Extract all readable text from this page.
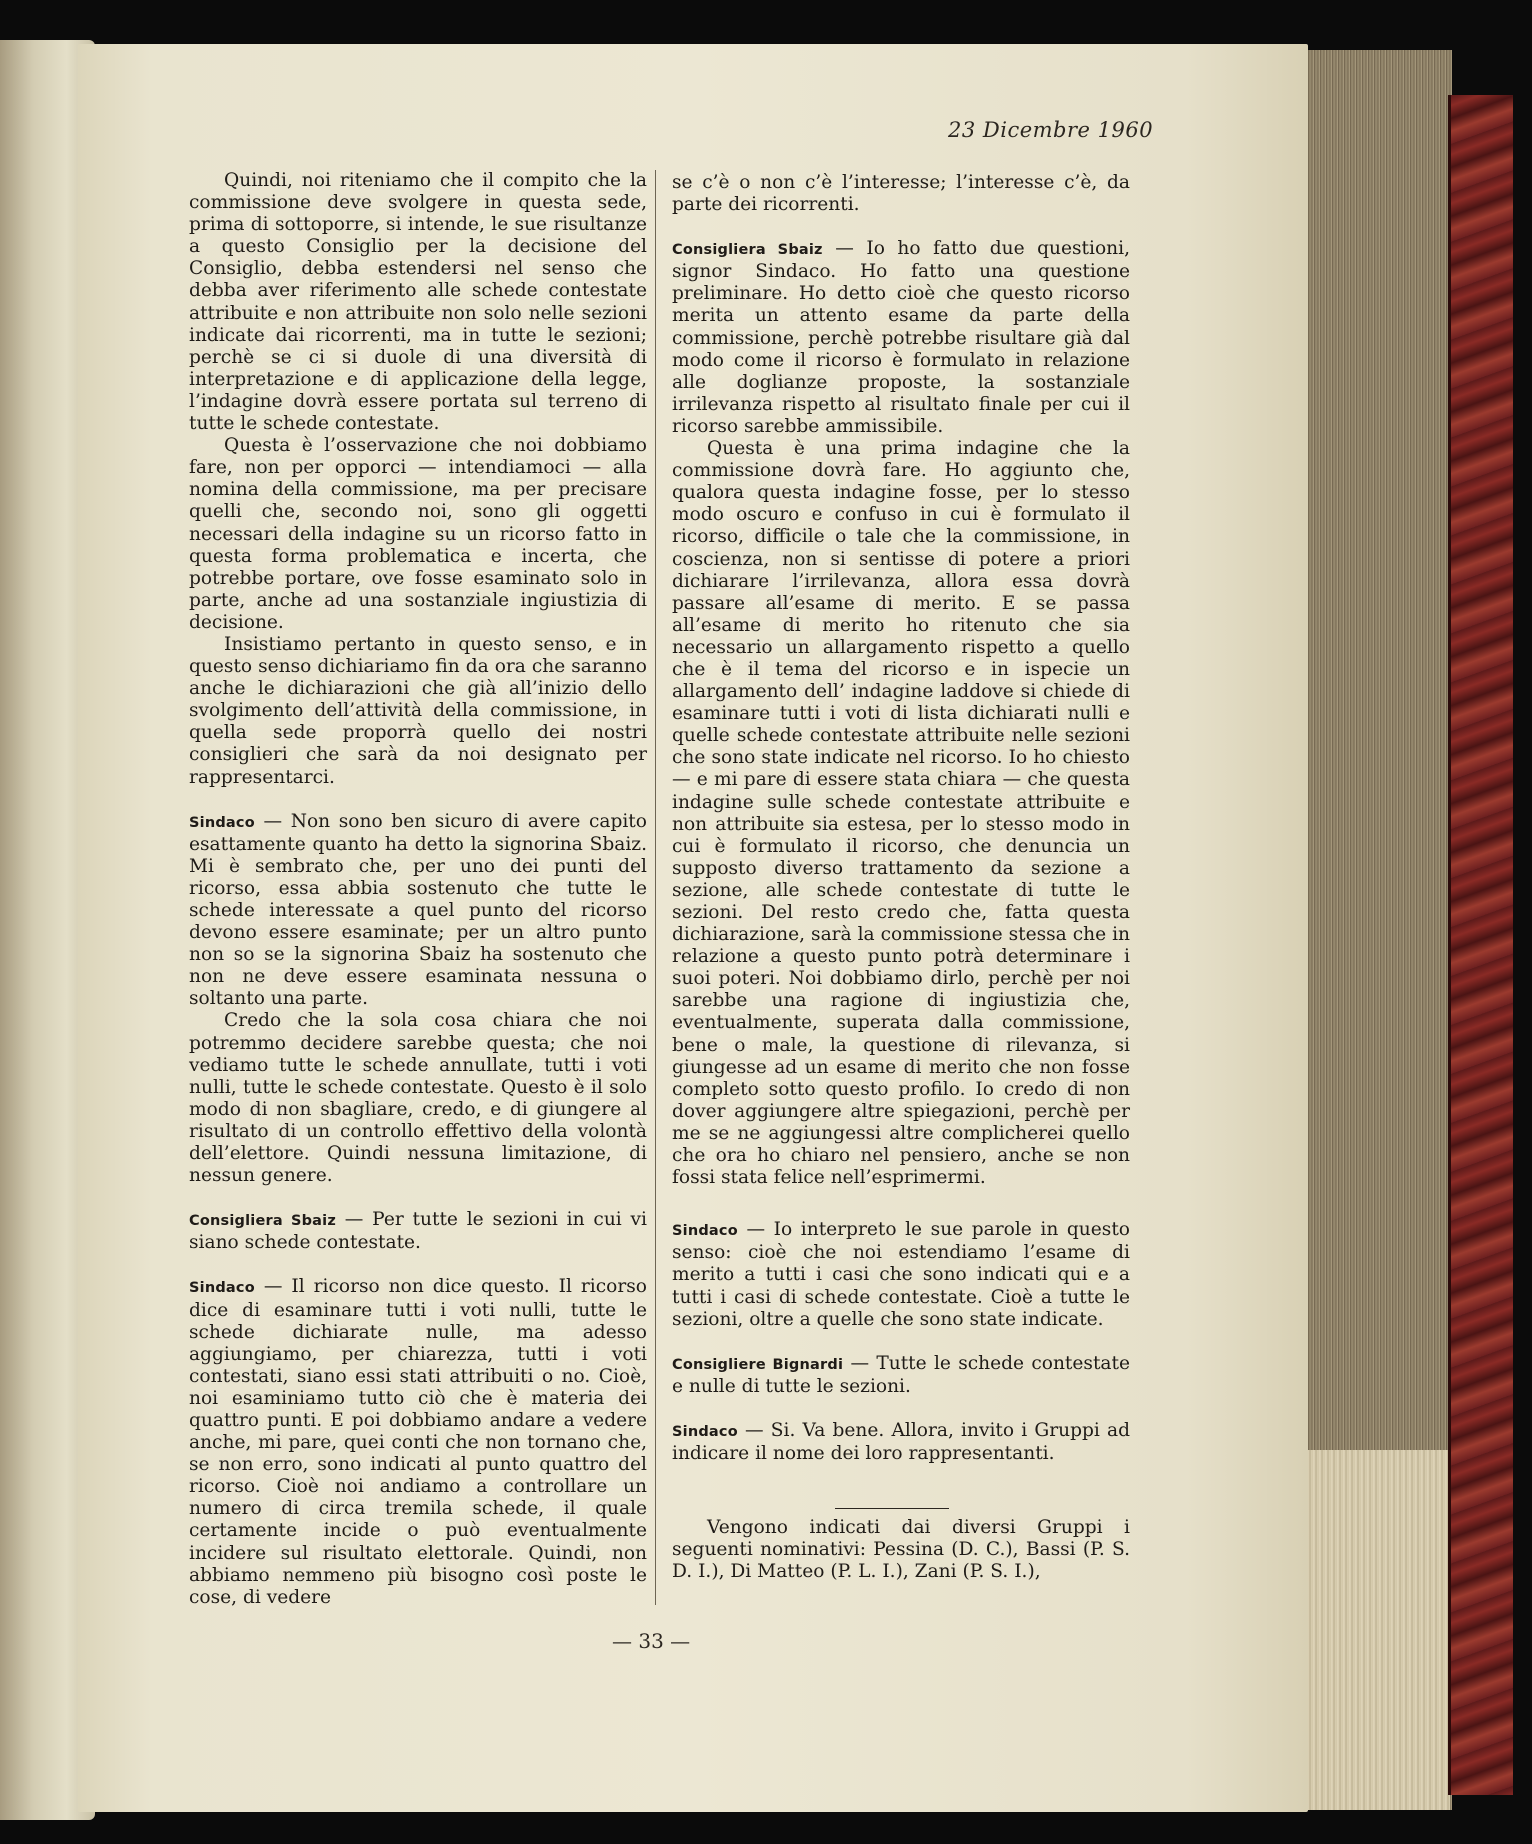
23 Dicembre 1960

Quindi, noi riteniamo che il compito che la commissione deve svolgere in questa sede, prima di sottoporre, si intende, le sue risultanze a questo Consiglio per la decisione del Consiglio, debba estendersi nel senso che debba aver riferimento alle schede contestate attribuite e non attribuite non solo nelle sezioni indicate dai ricorrenti, ma in tutte le sezioni; perchè se ci si duole di una diversità di interpretazione e di applicazione della legge, l’indagine dovrà essere portata sul terreno di tutte le schede contestate.

Questa è l’osservazione che noi dobbiamo fare, non per opporci — intendiamoci — alla nomina della commissione, ma per precisare quelli che, secondo noi, sono gli oggetti necessari della indagine su un ricorso fatto in questa forma problematica e incerta, che potrebbe portare, ove fosse esaminato solo in parte, anche ad una sostanziale ingiustizia di decisione.

Insistiamo pertanto in questo senso, e in questo senso dichiariamo fin da ora che saranno anche le dichiarazioni che già all’inizio dello svolgimento dell’attività della commissione, in quella sede proporrà quello dei nostri consiglieri che sarà da noi designato per rappresentarci.

Sindaco — Non sono ben sicuro di avere capito esattamente quanto ha detto la signorina Sbaiz. Mi è sembrato che, per uno dei punti del ricorso, essa abbia sostenuto che tutte le schede interessate a quel punto del ricorso devono essere esaminate; per un altro punto non so se la signorina Sbaiz ha sostenuto che non ne deve essere esaminata nessuna o soltanto una parte.

Credo che la sola cosa chiara che noi potremmo decidere sarebbe questa; che noi vediamo tutte le schede annullate, tutti i voti nulli, tutte le schede contestate. Questo è il solo modo di non sbagliare, credo, e di giungere al risultato di un controllo effettivo della volontà dell’elettore. Quindi nessuna limitazione, di nessun genere.

Consigliera Sbaiz — Per tutte le sezioni in cui vi siano schede contestate.

Sindaco — Il ricorso non dice questo. Il ricorso dice di esaminare tutti i voti nulli, tutte le schede dichiarate nulle, ma adesso aggiungiamo, per chiarezza, tutti i voti contestati, siano essi stati attribuiti o no. Cioè, noi esaminiamo tutto ciò che è materia dei quattro punti. E poi dobbiamo andare a vedere anche, mi pare, quei conti che non tornano che, se non erro, sono indicati al punto quattro del ricorso. Cioè noi andiamo a controllare un numero di circa tremila schede, il quale certamente incide o può eventualmente incidere sul risultato elettorale. Quindi, non abbiamo nemmeno più bisogno così poste le cose, di vedere

se c’è o non c’è l’interesse; l’interesse c’è, da parte dei ricorrenti.

Consigliera Sbaiz — Io ho fatto due questioni, signor Sindaco. Ho fatto una questione preliminare. Ho detto cioè che questo ricorso merita un attento esame da parte della commissione, perchè potrebbe risultare già dal modo come il ricorso è formulato in relazione alle doglianze proposte, la sostanziale irrilevanza rispetto al risultato finale per cui il ricorso sarebbe ammissibile.

Questa è una prima indagine che la commissione dovrà fare. Ho aggiunto che, qualora questa indagine fosse, per lo stesso modo oscuro e confuso in cui è formulato il ricorso, difficile o tale che la commissione, in coscienza, non si sentisse di potere a priori dichiarare l’irrilevanza, allora essa dovrà passare all’esame di merito. E se passa all’esame di merito ho ritenuto che sia necessario un allargamento rispetto a quello che è il tema del ricorso e in ispecie un allargamento dell’ indagine laddove si chiede di esaminare tutti i voti di lista dichiarati nulli e quelle schede contestate attribuite nelle sezioni che sono state indicate nel ricorso. Io ho chiesto — e mi pare di essere stata chiara — che questa indagine sulle schede contestate attribuite e non attribuite sia estesa, per lo stesso modo in cui è formulato il ricorso, che denuncia un supposto diverso trattamento da sezione a sezione, alle schede contestate di tutte le sezioni. Del resto credo che, fatta questa dichiarazione, sarà la commissione stessa che in relazione a questo punto potrà determinare i suoi poteri. Noi dobbiamo dirlo, perchè per noi sarebbe una ragione di ingiustizia che, eventualmente, superata dalla commissione, bene o male, la questione di rilevanza, si giungesse ad un esame di merito che non fosse completo sotto questo profilo. Io credo di non dover aggiungere altre spiegazioni, perchè per me se ne aggiungessi altre complicherei quello che ora ho chiaro nel pensiero, anche se non fossi stata felice nell’esprimermi.

Sindaco — Io interpreto le sue parole in questo senso: cioè che noi estendiamo l’esame di merito a tutti i casi che sono indicati qui e a tutti i casi di schede contestate. Cioè a tutte le sezioni, oltre a quelle che sono state indicate.

Consigliere Bignardi — Tutte le schede contestate e nulle di tutte le sezioni.

Sindaco — Si. Va bene. Allora, invito i Gruppi ad indicare il nome dei loro rappresentanti.

Vengono indicati dai diversi Gruppi i seguenti nominativi: Pessina (D. C.), Bassi (P. S. D. I.), Di Matteo (P. L. I.), Zani (P. S. I.),

— 33 —
